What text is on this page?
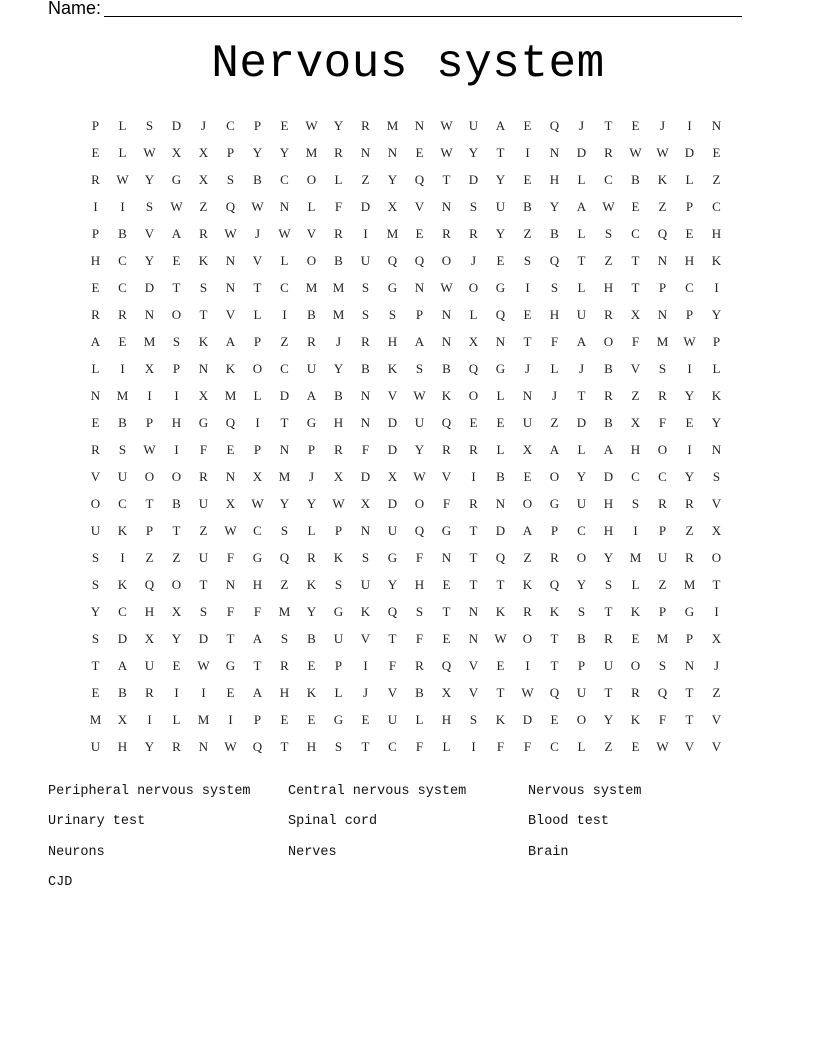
Name:
Nervous system
P	L	S	D	J	C	P	E	W	Y	R	M	N	W	U	A	E	Q	J	T	E	J	I	N
E	L	W	X	X	P	Y	Y	M	R	N	N	E	W	Y	T	I	N	D	R	W	W	D	E
R	W	Y	G	X	S	B	C	O	L	Z	Y	Q	T	D	Y	E	H	L	C	B	K	L	Z
I	I	S	W	Z	Q	W	N	L	F	D	X	V	N	S	U	B	Y	A	W	E	Z	P	C
P	B	V	A	R	W	J	W	V	R	I	M	E	R	R	Y	Z	B	L	S	C	Q	E	H
H	C	Y	E	K	N	V	L	O	B	U	Q	Q	O	J	E	S	Q	T	Z	T	N	H	K
E	C	D	T	S	N	T	C	M	M	S	G	N	W	O	G	I	S	L	H	T	P	C	I
R	R	N	O	T	V	L	I	B	M	S	S	P	N	L	Q	E	H	U	R	X	N	P	Y
A	E	M	S	K	A	P	Z	R	J	R	H	A	N	X	N	T	F	A	O	F	M	W	P
L	I	X	P	N	K	O	C	U	Y	B	K	S	B	Q	G	J	L	J	B	V	S	I	L
N	M	I	I	X	M	L	D	A	B	N	V	W	K	O	L	N	J	T	R	Z	R	Y	K
E	B	P	H	G	Q	I	T	G	H	N	D	U	Q	E	E	U	Z	D	B	X	F	E	Y
R	S	W	I	F	E	P	N	P	R	F	D	Y	R	R	L	X	A	L	A	H	O	I	N
V	U	O	O	R	N	X	M	J	X	D	X	W	V	I	B	E	O	Y	D	C	C	Y	S
O	C	T	B	U	X	W	Y	Y	W	X	D	O	F	R	N	O	G	U	H	S	R	R	V
U	K	P	T	Z	W	C	S	L	P	N	U	Q	G	T	D	A	P	C	H	I	P	Z	X
S	I	Z	Z	U	F	G	Q	R	K	S	G	F	N	T	Q	Z	R	O	Y	M	U	R	O
S	K	Q	O	T	N	H	Z	K	S	U	Y	H	E	T	T	K	Q	Y	S	L	Z	M	T
Y	C	H	X	S	F	F	M	Y	G	K	Q	S	T	N	K	R	K	S	T	K	P	G	I
S	D	X	Y	D	T	A	S	B	U	V	T	F	E	N	W	O	T	B	R	E	M	P	X
T	A	U	E	W	G	T	R	E	P	I	F	R	Q	V	E	I	T	P	U	O	S	N	J
E	B	R	I	I	E	A	H	K	L	J	V	B	X	V	T	W	Q	U	T	R	Q	T	Z
M	X	I	L	M	I	P	E	E	G	E	U	L	H	S	K	D	E	O	Y	K	F	T	V
U	H	Y	R	N	W	Q	T	H	S	T	C	F	L	I	F	F	C	L	Z	E	W	V	V
Peripheral nervous system	Central nervous system	Nervous system
Urinary test	Spinal cord	Blood test
Neurons	Nerves	Brain
CJD
